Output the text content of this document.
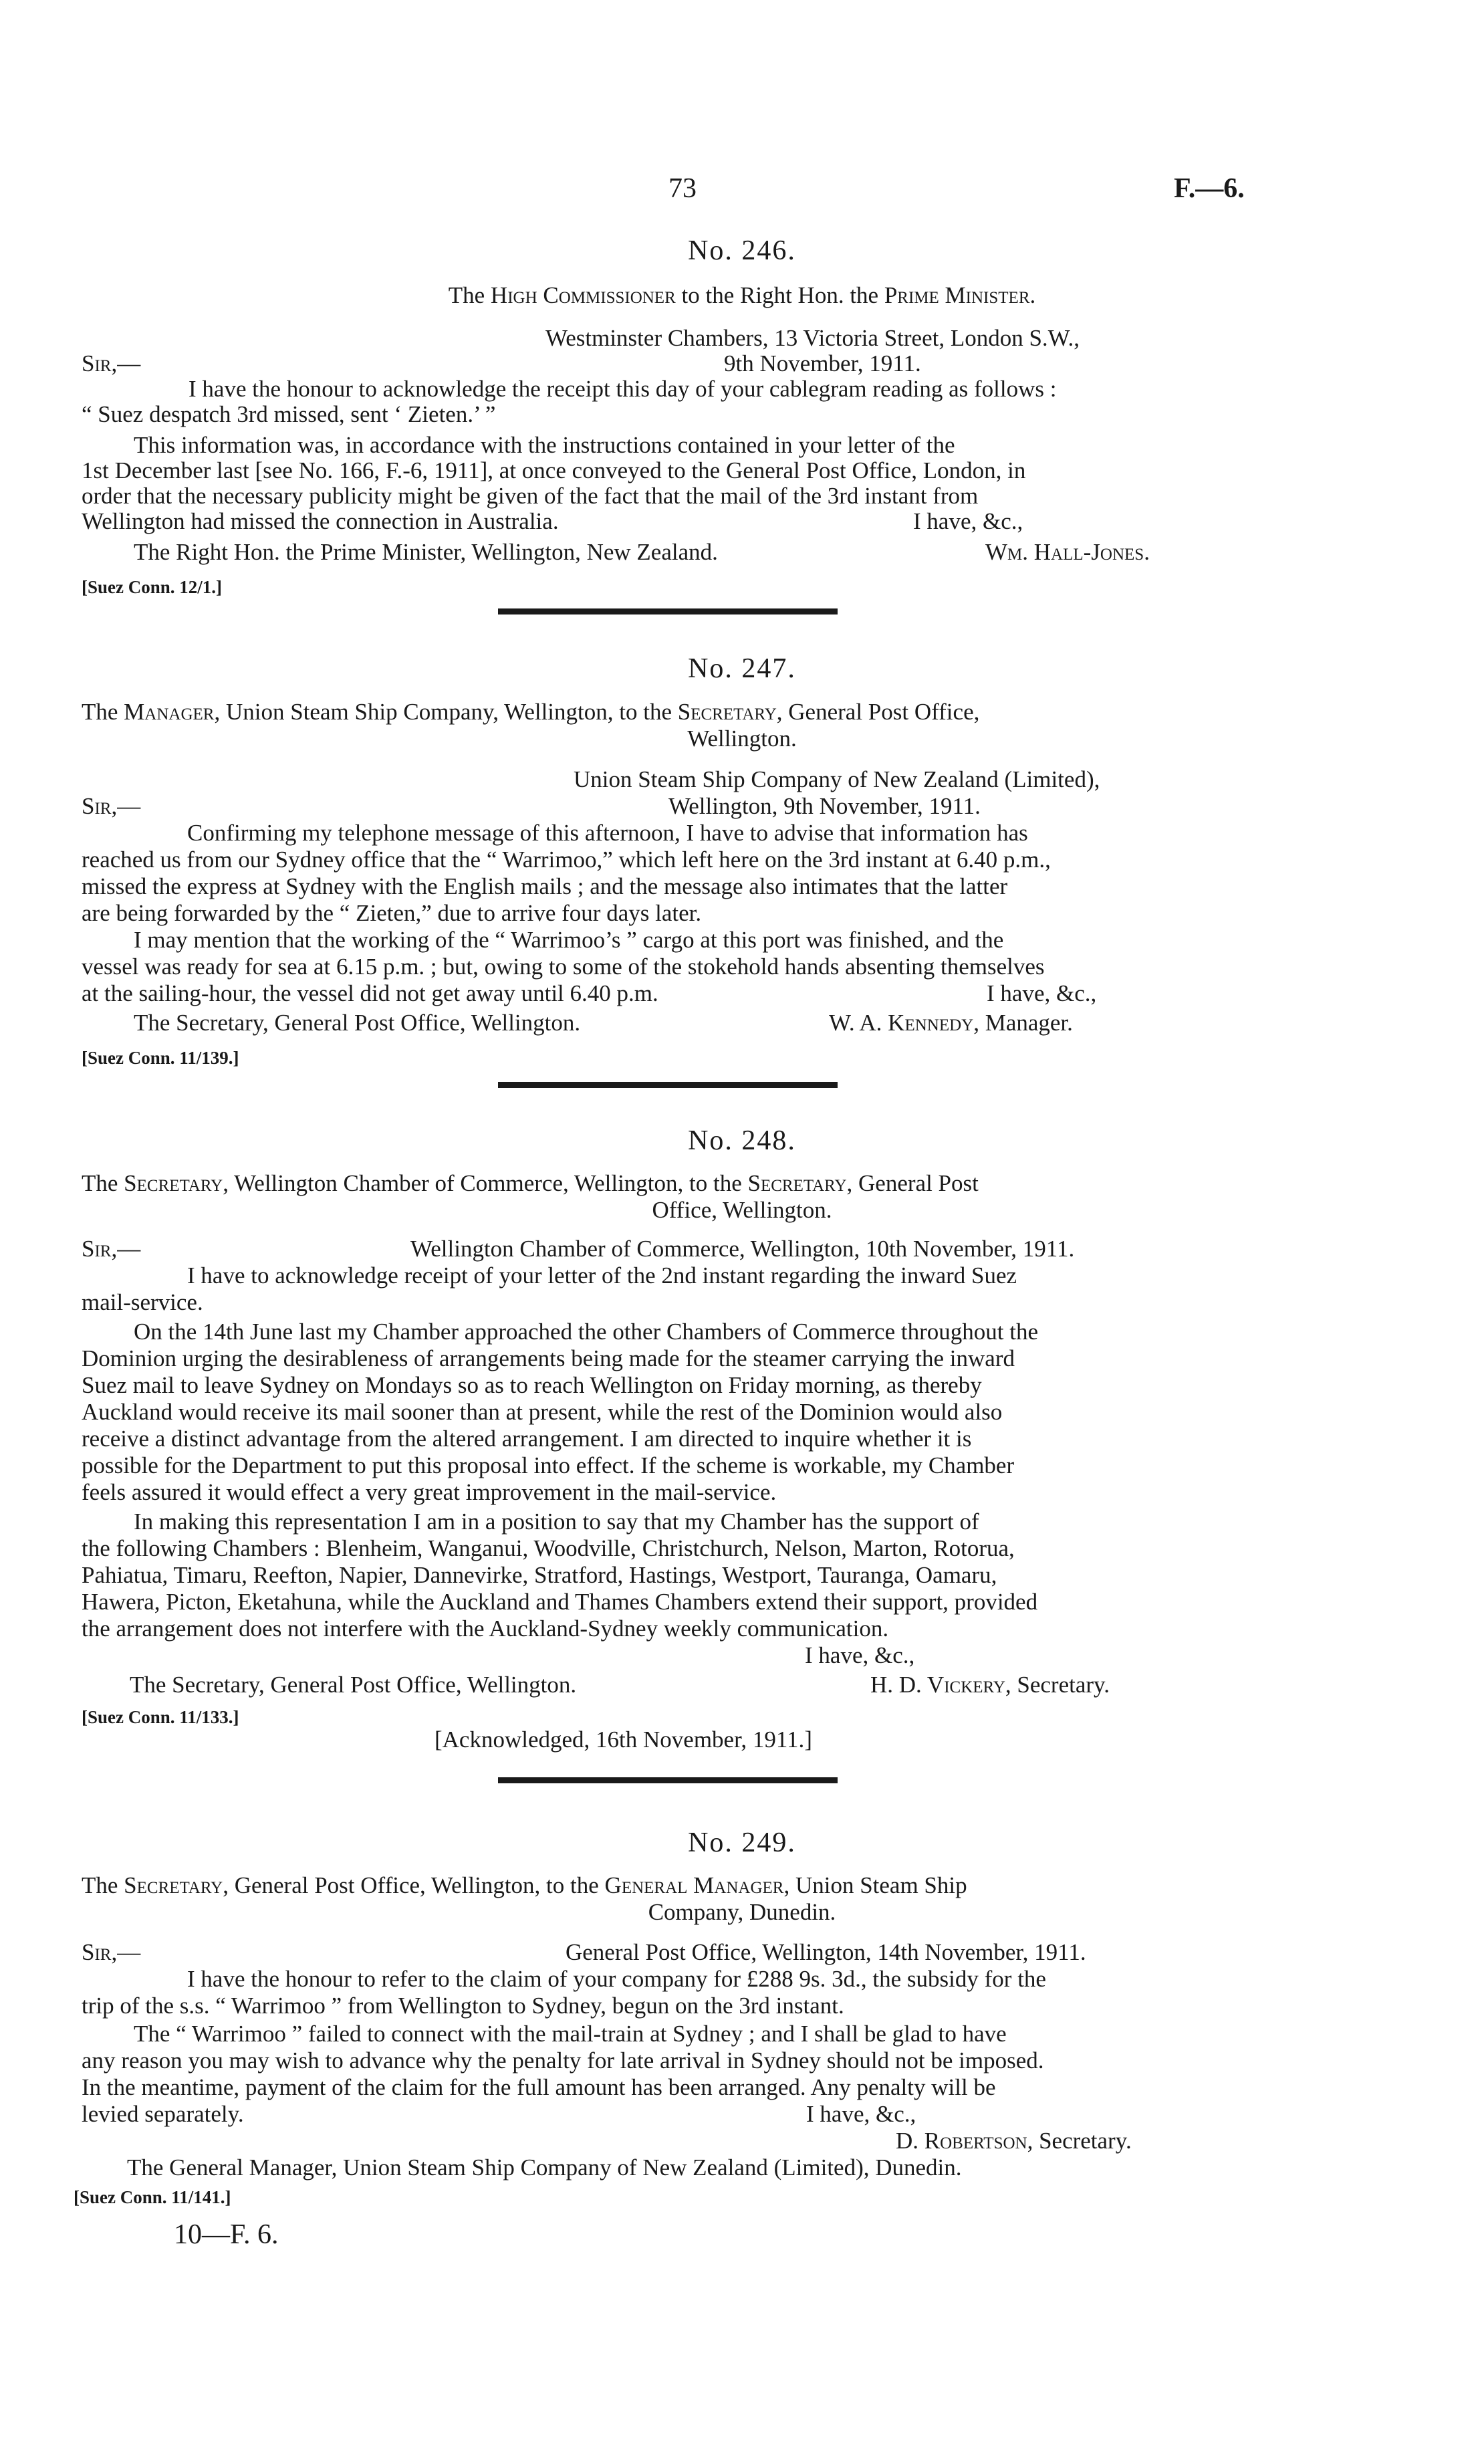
73	F.—6.
No. 246.
The High Commissioner to the Right Hon. the Prime Minister.
Westminster Chambers, 13 Victoria Street, London S.W.,
Sir,—	9th November, 1911.
I have the honour to acknowledge the receipt this day of your cablegram reading as follows :
“ Suez despatch 3rd missed, sent ‘ Zieten.’ ”
This information was, in accordance with the instructions contained in your letter of the
1st December last [see No. 166, F.-6, 1911], at once conveyed to the General Post Office, London, in
order that the necessary publicity might be given of the fact that the mail of the 3rd instant from
Wellington had missed the connection in Australia.	I have, &c.,
The Right Hon. the Prime Minister, Wellington, New Zealand.	Wm. Hall-Jones.
[Suez Conn. 12/1.]
No. 247.
The Manager, Union Steam Ship Company, Wellington, to the Secretary, General Post Office,
Wellington.
Union Steam Ship Company of New Zealand (Limited),
Sir,—	Wellington, 9th November, 1911.
Confirming my telephone message of this afternoon, I have to advise that information has
reached us from our Sydney office that the “ Warrimoo,” which left here on the 3rd instant at 6.40 p.m.,
missed the express at Sydney with the English mails ; and the message also intimates that the latter
are being forwarded by the “ Zieten,” due to arrive four days later.
I may mention that the working of the “ Warrimoo’s ” cargo at this port was finished, and the
vessel was ready for sea at 6.15 p.m. ; but, owing to some of the stokehold hands absenting themselves
at the sailing-hour, the vessel did not get away until 6.40 p.m.	I have, &c.,
The Secretary, General Post Office, Wellington.	W. A. Kennedy, Manager.
[Suez Conn. 11/139.]
No. 248.
The Secretary, Wellington Chamber of Commerce, Wellington, to the Secretary, General Post
Office, Wellington.
Sir,—	Wellington Chamber of Commerce, Wellington, 10th November, 1911.
I have to acknowledge receipt of your letter of the 2nd instant regarding the inward Suez
mail-service.
On the 14th June last my Chamber approached the other Chambers of Commerce throughout the
Dominion urging the desirableness of arrangements being made for the steamer carrying the inward
Suez mail to leave Sydney on Mondays so as to reach Wellington on Friday morning, as thereby
Auckland would receive its mail sooner than at present, while the rest of the Dominion would also
receive a distinct advantage from the altered arrangement. I am directed to inquire whether it is
possible for the Department to put this proposal into effect. If the scheme is workable, my Chamber
feels assured it would effect a very great improvement in the mail-service.
In making this representation I am in a position to say that my Chamber has the support of
the following Chambers : Blenheim, Wanganui, Woodville, Christchurch, Nelson, Marton, Rotorua,
Pahiatua, Timaru, Reefton, Napier, Dannevirke, Stratford, Hastings, Westport, Tauranga, Oamaru,
Hawera, Picton, Eketahuna, while the Auckland and Thames Chambers extend their support, provided
the arrangement does not interfere with the Auckland-Sydney weekly communication.
I have, &c.,
The Secretary, General Post Office, Wellington.	H. D. Vickery, Secretary.
[Suez Conn. 11/133.]
[Acknowledged, 16th November, 1911.]
No. 249.
The Secretary, General Post Office, Wellington, to the General Manager, Union Steam Ship
Company, Dunedin.
Sir,—	General Post Office, Wellington, 14th November, 1911.
I have the honour to refer to the claim of your company for £288 9s. 3d., the subsidy for the
trip of the s.s. “ Warrimoo ” from Wellington to Sydney, begun on the 3rd instant.
The “ Warrimoo ” failed to connect with the mail-train at Sydney ; and I shall be glad to have
any reason you may wish to advance why the penalty for late arrival in Sydney should not be imposed.
In the meantime, payment of the claim for the full amount has been arranged. Any penalty will be
levied separately.	I have, &c.,
D. Robertson, Secretary.
The General Manager, Union Steam Ship Company of New Zealand (Limited), Dunedin.
[Suez Conn. 11/141.]
10—F. 6.
